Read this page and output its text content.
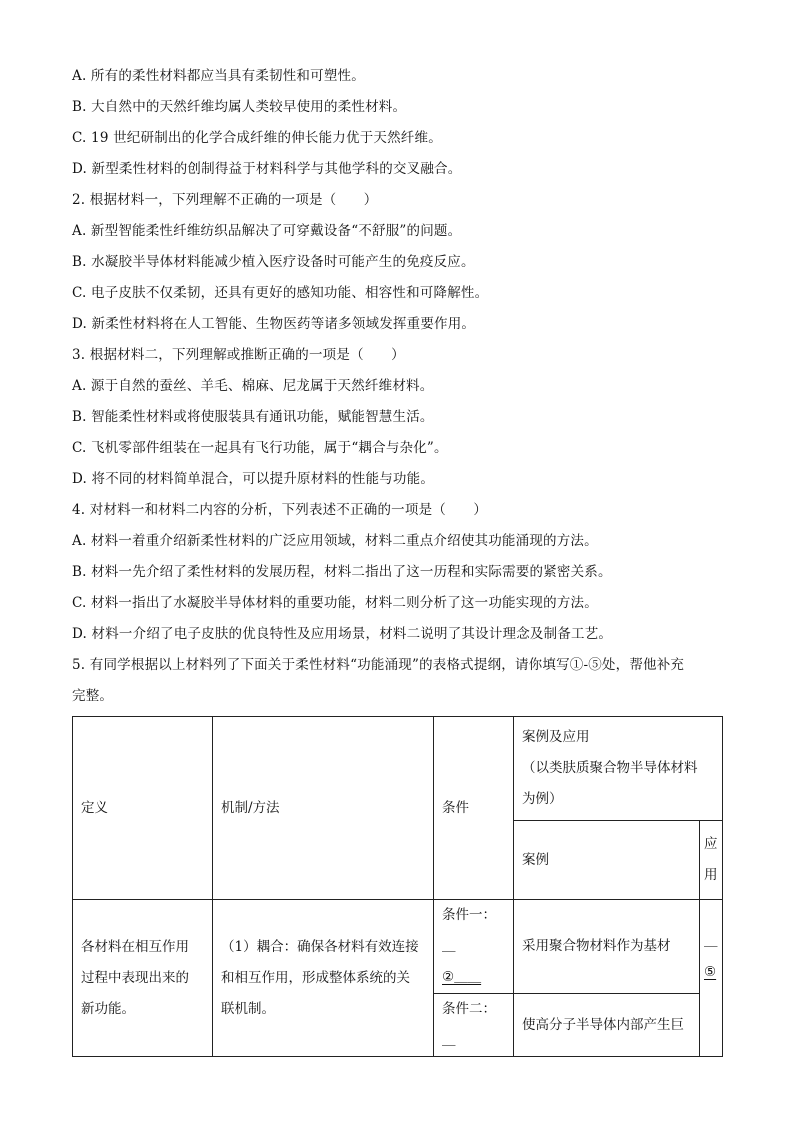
A. 所有的柔性材料都应当具有柔韧性和可塑性。
B. 大自然中的天然纤维均属人类较早使用的柔性材料。
C. 19 世纪研制出的化学合成纤维的伸长能力优于天然纤维。
D. 新型柔性材料的创制得益于材料科学与其他学科的交叉融合。
2. 根据材料一，下列理解不正确的一项是（　　）
A. 新型智能柔性纤维纺织品解决了可穿戴设备“不舒服”的问题。
B. 水凝胶半导体材料能减少植入医疗设备时可能产生的免疫反应。
C. 电子皮肤不仅柔韧，还具有更好的感知功能、相容性和可降解性。
D. 新柔性材料将在人工智能、生物医药等诸多领域发挥重要作用。
3. 根据材料二，下列理解或推断正确的一项是（　　）
A. 源于自然的蚕丝、羊毛、棉麻、尼龙属于天然纤维材料。
B. 智能柔性材料或将使服装具有通讯功能，赋能智慧生活。
C. 飞机零部件组装在一起具有飞行功能，属于“耦合与杂化”。
D. 将不同的材料简单混合，可以提升原材料的性能与功能。
4. 对材料一和材料二内容的分析，下列表述不正确的一项是（　　）
A. 材料一着重介绍新柔性材料的广泛应用领域，材料二重点介绍使其功能涌现的方法。
B. 材料一先介绍了柔性材料的发展历程，材料二指出了这一历程和实际需要的紧密关系。
C. 材料一指出了水凝胶半导体材料的重要功能，材料二则分析了这一功能实现的方法。
D. 材料一介绍了电子皮肤的优良特性及应用场景，材料二说明了其设计理念及制备工艺。
5. 有同学根据以上材料列了下面关于柔性材料“功能涌现”的表格式提纲，请你填写①-⑤处，帮他补充
完整。
定义	机制/方法	条件	案例及应用
（以类肤质聚合物半导体材料
为例）	

			案例	应
用

各材料在相互作用
过程中表现出来的
新功能。	（1）耦合：确保各材料有效连接
和相互作用，形成整体系统的关
联机制。	条件一：＿
②＿＿	采用聚合物材料作为基材	＿
⑤

		条件二：＿	使高分子半导体内部产生巨	
